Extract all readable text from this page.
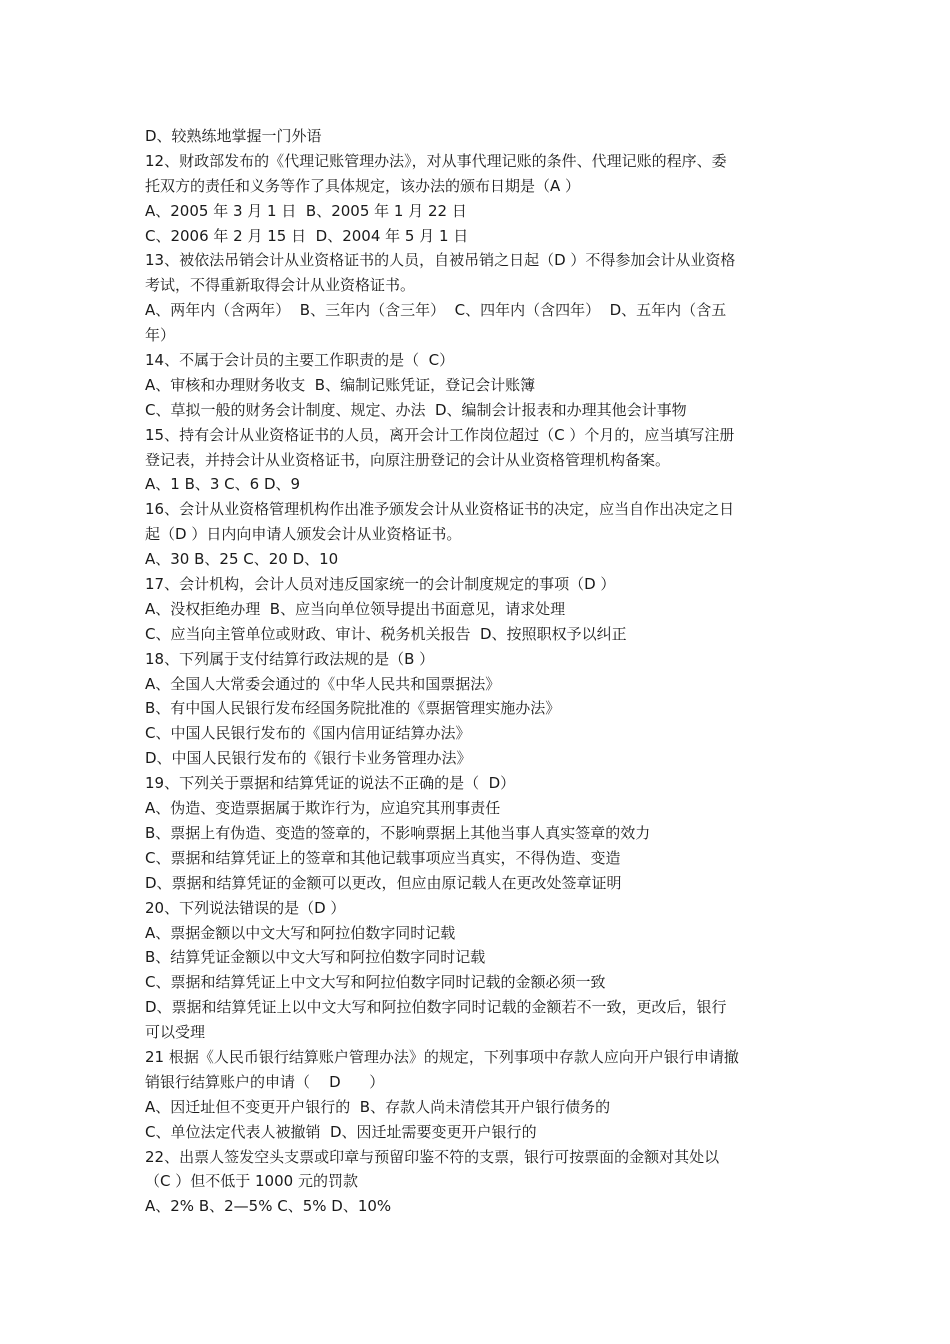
D、较熟练地掌握一门外语
12、财政部发布的《代理记账管理办法》，对从事代理记账的条件、代理记账的程序、委
托双方的责任和义务等作了具体规定，该办法的颁布日期是（A ）
A、2005 年 3 月 1 日  B、2005 年 1 月 22 日
C、2006 年 2 月 15 日  D、2004 年 5 月 1 日
13、被依法吊销会计从业资格证书的人员，自被吊销之日起（D ）不得参加会计从业资格
考试，不得重新取得会计从业资格证书。
A、两年内（含两年）  B、三年内（含三年）  C、四年内（含四年）  D、五年内（含五
年）
14、不属于会计员的主要工作职责的是（  C）
A、审核和办理财务收支  B、编制记账凭证，登记会计账簿
C、草拟一般的财务会计制度、规定、办法  D、编制会计报表和办理其他会计事物
15、持有会计从业资格证书的人员，离开会计工作岗位超过（C ）个月的，应当填写注册
登记表，并持会计从业资格证书，向原注册登记的会计从业资格管理机构备案。
A、1 B、3 C、6 D、9
16、会计从业资格管理机构作出准予颁发会计从业资格证书的决定，应当自作出决定之日
起（D ）日内向申请人颁发会计从业资格证书。
A、30 B、25 C、20 D、10
17、会计机构，会计人员对违反国家统一的会计制度规定的事项（D ）
A、没权拒绝办理  B、应当向单位领导提出书面意见，请求处理
C、应当向主管单位或财政、审计、税务机关报告  D、按照职权予以纠正
18、下列属于支付结算行政法规的是（B ）
A、全国人大常委会通过的《中华人民共和国票据法》
B、有中国人民银行发布经国务院批准的《票据管理实施办法》
C、中国人民银行发布的《国内信用证结算办法》
D、中国人民银行发布的《银行卡业务管理办法》
19、下列关于票据和结算凭证的说法不正确的是（  D）
A、伪造、变造票据属于欺诈行为，应追究其刑事责任
B、票据上有伪造、变造的签章的，不影响票据上其他当事人真实签章的效力
C、票据和结算凭证上的签章和其他记载事项应当真实，不得伪造、变造
D、票据和结算凭证的金额可以更改，但应由原记载人在更改处签章证明
20、下列说法错误的是（D ）
A、票据金额以中文大写和阿拉伯数字同时记载
B、结算凭证金额以中文大写和阿拉伯数字同时记载
C、票据和结算凭证上中文大写和阿拉伯数字同时记载的金额必须一致
D、票据和结算凭证上以中文大写和阿拉伯数字同时记载的金额若不一致，更改后，银行
可以受理
21 根据《人民币银行结算账户管理办法》的规定，下列事项中存款人应向开户银行申请撤
销银行结算账户的申请（    D      ）
A、因迁址但不变更开户银行的  B、存款人尚未清偿其开户银行债务的
C、单位法定代表人被撤销  D、因迁址需要变更开户银行的
22、出票人签发空头支票或印章与预留印鉴不符的支票，银行可按票面的金额对其处以
（C ）但不低于 1000 元的罚款
A、2% B、2—5% C、5% D、10%
